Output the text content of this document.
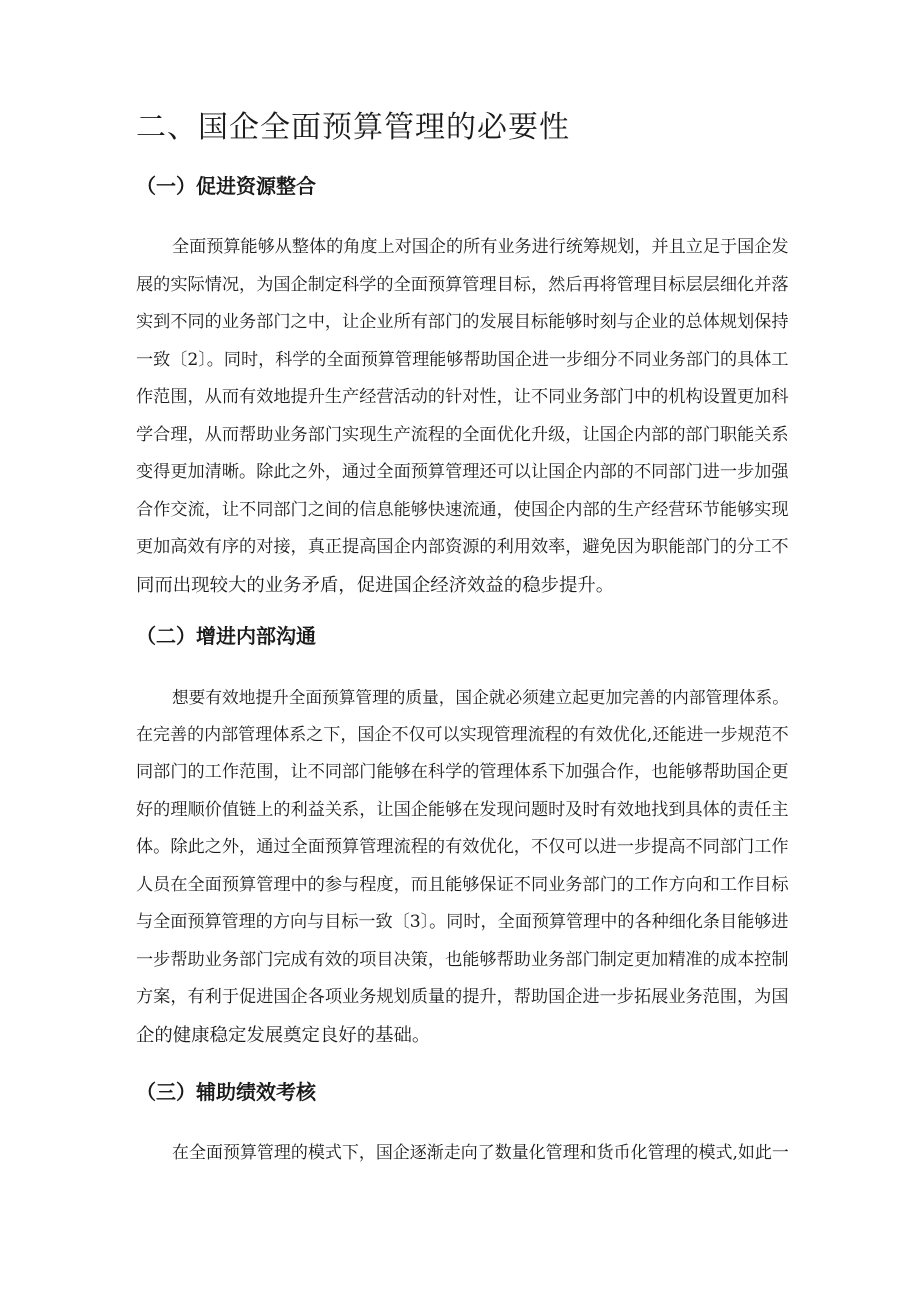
二、国企全面预算管理的必要性
（一）促进资源整合
全面预算能够从整体的角度上对国企的所有业务进行统筹规划，并且立足于国企发
展的实际情况，为国企制定科学的全面预算管理目标，然后再将管理目标层层细化并落
实到不同的业务部门之中，让企业所有部门的发展目标能够时刻与企业的总体规划保持
一致〔2〕。同时，科学的全面预算管理能够帮助国企进一步细分不同业务部门的具体工
作范围，从而有效地提升生产经营活动的针对性，让不同业务部门中的机构设置更加科
学合理，从而帮助业务部门实现生产流程的全面优化升级，让国企内部的部门职能关系
变得更加清晰。除此之外，通过全面预算管理还可以让国企内部的不同部门进一步加强
合作交流，让不同部门之间的信息能够快速流通，使国企内部的生产经营环节能够实现
更加高效有序的对接，真正提高国企内部资源的利用效率，避免因为职能部门的分工不
同而出现较大的业务矛盾，促进国企经济效益的稳步提升。
（二）增进内部沟通
想要有效地提升全面预算管理的质量，国企就必须建立起更加完善的内部管理体系。
在完善的内部管理体系之下，国企不仅可以实现管理流程的有效优化,还能进一步规范不
同部门的工作范围，让不同部门能够在科学的管理体系下加强合作，也能够帮助国企更
好的理顺价值链上的利益关系，让国企能够在发现问题时及时有效地找到具体的责任主
体。除此之外，通过全面预算管理流程的有效优化，不仅可以进一步提高不同部门工作
人员在全面预算管理中的参与程度，而且能够保证不同业务部门的工作方向和工作目标
与全面预算管理的方向与目标一致〔3〕。同时，全面预算管理中的各种细化条目能够进
一步帮助业务部门完成有效的项目决策，也能够帮助业务部门制定更加精准的成本控制
方案，有利于促进国企各项业务规划质量的提升，帮助国企进一步拓展业务范围，为国
企的健康稳定发展奠定良好的基础。
（三）辅助绩效考核
在全面预算管理的模式下，国企逐渐走向了数量化管理和货币化管理的模式,如此一
